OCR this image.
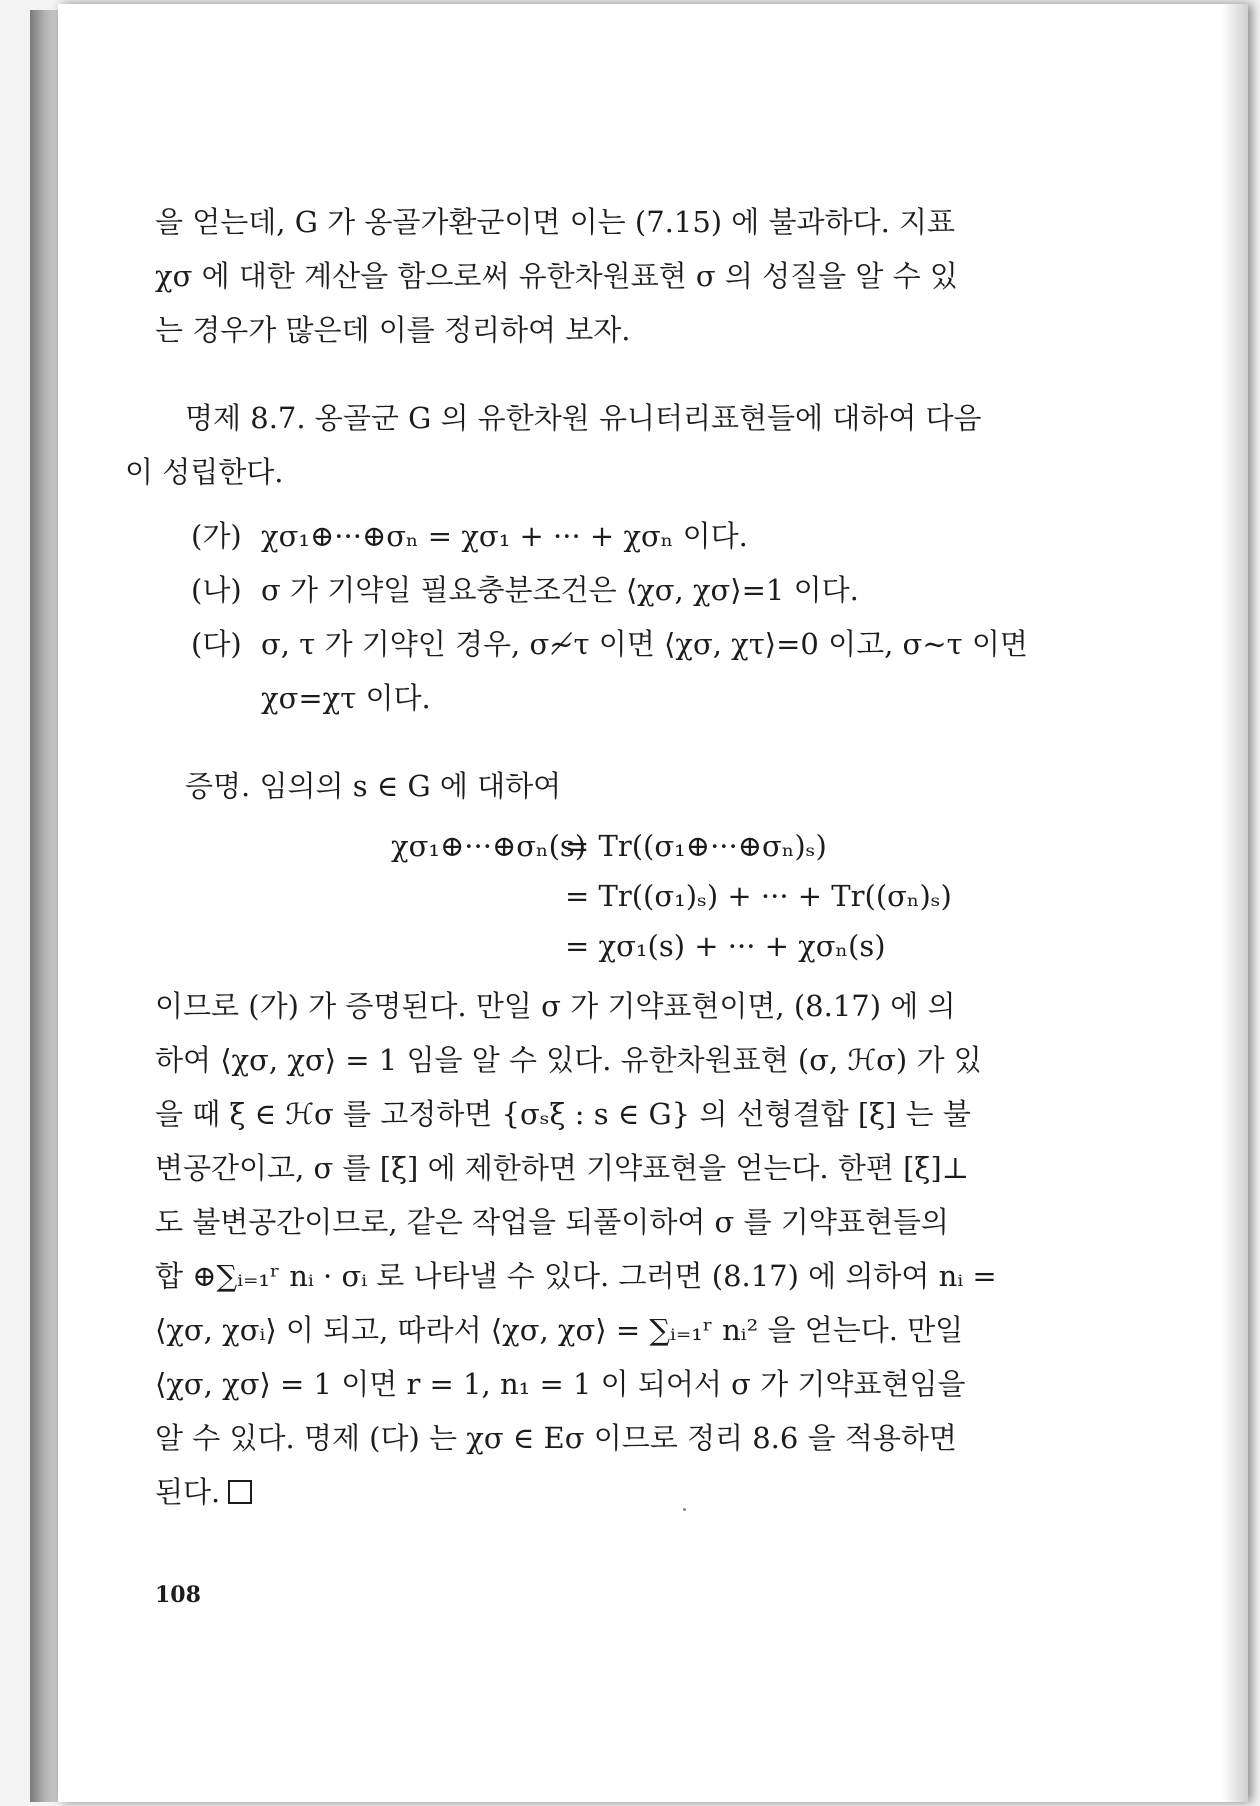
을 얻는데, G 가 옹골가환군이면 이는 (7.15) 에 불과하다. 지표
χσ 에 대한 계산을 함으로써 유한차원표현 σ 의 성질을 알 수 있
는 경우가 많은데 이를 정리하여 보자.

명제 8.7. 옹골군 G 의 유한차원 유니터리표현들에 대하여 다음
이 성립한다.

(가) χσ₁⊕···⊕σₙ = χσ₁ + ··· + χσₙ 이다.
(나) σ 가 기약일 필요충분조건은 ⟨χσ, χσ⟩=1 이다.
(다) σ, τ 가 기약인 경우, σ≁τ 이면 ⟨χσ, χτ⟩=0 이고, σ∼τ 이면

χσ=χτ 이다.

증명. 임의의 s ∈ G 에 대하여

χσ₁⊕···⊕σₙ(s)
= Tr((σ₁⊕···⊕σₙ)ₛ)
= Tr((σ₁)ₛ) + ··· + Tr((σₙ)ₛ)
= χσ₁(s) + ··· + χσₙ(s)

이므로 (가) 가 증명된다. 만일 σ 가 기약표현이면, (8.17) 에 의
하여 ⟨χσ, χσ⟩ = 1 임을 알 수 있다. 유한차원표현 (σ, ℋσ) 가 있
을 때 ξ ∈ ℋσ 를 고정하면 {σₛξ : s ∈ G} 의 선형결합 [ξ] 는 불
변공간이고, σ 를 [ξ] 에 제한하면 기약표현을 얻는다. 한편 [ξ]⊥
도 불변공간이므로, 같은 작업을 되풀이하여 σ 를 기약표현들의
합 ⊕∑ᵢ₌₁ʳ nᵢ · σᵢ 로 나타낼 수 있다. 그러면 (8.17) 에 의하여 nᵢ =
⟨χσ, χσᵢ⟩ 이 되고, 따라서 ⟨χσ, χσ⟩ = ∑ᵢ₌₁ʳ nᵢ² 을 얻는다. 만일
⟨χσ, χσ⟩ = 1 이면 r = 1, n₁ = 1 이 되어서 σ 가 기약표현임을
알 수 있다. 명제 (다) 는 χσ ∈ Eσ 이므로 정리 8.6 을 적용하면
된다.

108
